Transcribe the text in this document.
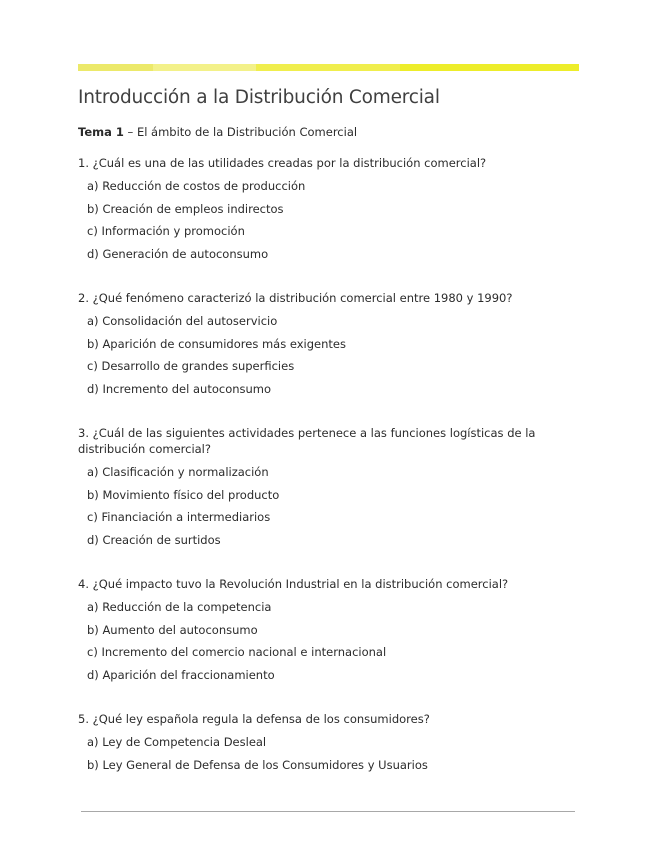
Introducción a la Distribución Comercial
Tema 1 – El ámbito de la Distribución Comercial
1. ¿Cuál es una de las utilidades creadas por la distribución comercial?
a) Reducción de costos de producción
b) Creación de empleos indirectos
c) Información y promoción
d) Generación de autoconsumo
2. ¿Qué fenómeno caracterizó la distribución comercial entre 1980 y 1990?
a) Consolidación del autoservicio
b) Aparición de consumidores más exigentes
c) Desarrollo de grandes superficies
d) Incremento del autoconsumo
3. ¿Cuál de las siguientes actividades pertenece a las funciones logísticas de la distribución comercial?
a) Clasificación y normalización
b) Movimiento físico del producto
c) Financiación a intermediarios
d) Creación de surtidos
4. ¿Qué impacto tuvo la Revolución Industrial en la distribución comercial?
a) Reducción de la competencia
b) Aumento del autoconsumo
c) Incremento del comercio nacional e internacional
d) Aparición del fraccionamiento
5. ¿Qué ley española regula la defensa de los consumidores?
a) Ley de Competencia Desleal
b) Ley General de Defensa de los Consumidores y Usuarios
